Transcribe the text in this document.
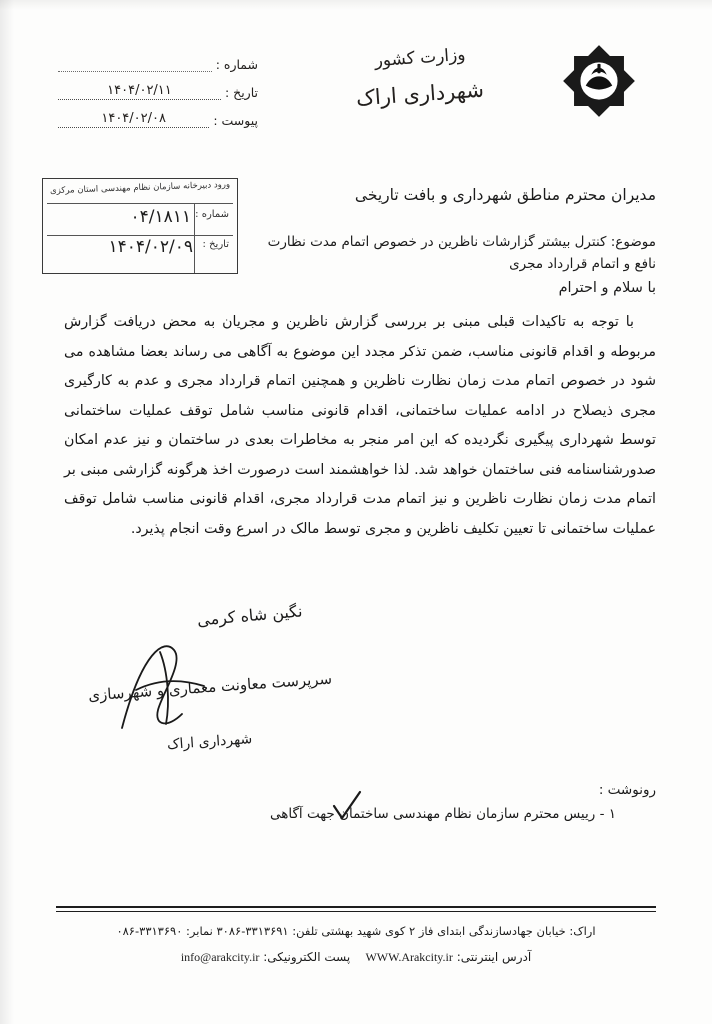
وزارت کشور
شهرداری اراک
شماره :
تاریخ :
۱۴۰۴/۰۲/۱۱
پیوست :
۱۴۰۴/۰۲/۰۸
ورود دبیرخانه سازمان نظام مهندسی استان مرکزی
شماره :
۰۴/۱۸۱۱
تاریخ :
۱۴۰۴/۰۲/۰۹
مدیران محترم مناطق شهرداری و بافت تاریخی
موضوع: کنترل بیشتر گزارشات ناظرین در خصوص اتمام مدت نظارت نافع و اتمام قرارداد مجری
با سلام و احترام
با توجه به تاکیدات قبلی مبنی بر بررسی گزارش ناظرین و مجریان به محض دریافت گزارش مربوطه و اقدام قانونی مناسب، ضمن تذکر مجدد این موضوع به آگاهی می رساند بعضا مشاهده می شود در خصوص اتمام مدت زمان نظارت ناظرین و همچنین اتمام قرارداد مجری و عدم به کارگیری مجری ذیصلاح در ادامه عملیات ساختمانی، اقدام قانونی مناسب شامل توقف عملیات ساختمانی توسط شهرداری پیگیری نگردیده که این امر منجر به مخاطرات بعدی در ساختمان و نیز عدم امکان صدورشناسنامه فنی ساختمان خواهد شد. لذا خواهشمند است درصورت اخذ هرگونه گزارشی مبنی بر اتمام مدت زمان نظارت ناظرین و نیز اتمام مدت قرارداد مجری، اقدام قانونی مناسب شامل توقف عملیات ساختمانی تا تعیین تکلیف ناظرین و مجری توسط مالک در اسرع وقت انجام پذیرد.
نگین شاه کرمی
سرپرست معاونت معماری و شهرسازی
شهرداری اراک
رونوشت :
۱ - رییس محترم سازمان نظام مهندسی ساختمان جهت آگاهی
اراک: خیابان جهادسازندگی ابتدای فاز ۲ کوی شهید بهشتی تلفن: ۳۳۱۳۶۹۱-۳۰۸۶ نمابر: ۳۳۱۳۶۹۰-۰۸۶
آدرس اینترنتی: WWW.Arakcity.ir    پست الکترونیکی: info@arakcity.ir
